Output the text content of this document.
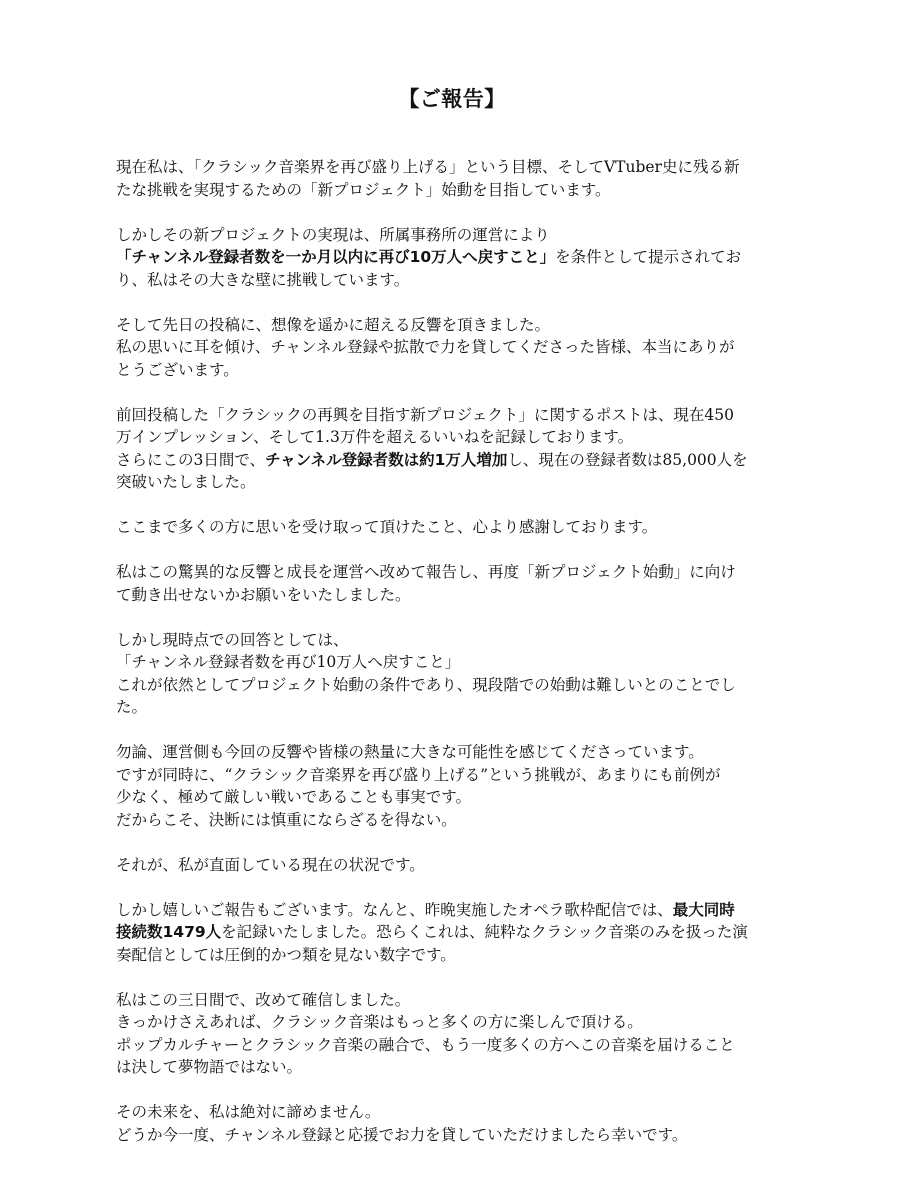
【ご報告】
現在私は、「クラシック音楽界を再び盛り上げる」という目標、そしてVTuber史に残る新
たな挑戦を実現するための「新プロジェクト」始動を目指しています。
しかしその新プロジェクトの実現は、所属事務所の運営により
「チャンネル登録者数を一か月以内に再び10万人へ戻すこと」を条件として提示されてお
り、私はその大きな壁に挑戦しています。
そして先日の投稿に、想像を遥かに超える反響を頂きました。
私の思いに耳を傾け、チャンネル登録や拡散で力を貸してくださった皆様、本当にありが
とうございます。
前回投稿した「クラシックの再興を目指す新プロジェクト」に関するポストは、現在450
万インプレッション、そして1.3万件を超えるいいねを記録しております。
さらにこの3日間で、チャンネル登録者数は約1万人増加し、現在の登録者数は85,000人を
突破いたしました。
ここまで多くの方に思いを受け取って頂けたこと、心より感謝しております。
私はこの驚異的な反響と成長を運営へ改めて報告し、再度「新プロジェクト始動」に向け
て動き出せないかお願いをいたしました。
しかし現時点での回答としては、
「チャンネル登録者数を再び10万人へ戻すこと」
これが依然としてプロジェクト始動の条件であり、現段階での始動は難しいとのことでし
た。
勿論、運営側も今回の反響や皆様の熱量に大きな可能性を感じてくださっています。
ですが同時に、“クラシック音楽界を再び盛り上げる”という挑戦が、あまりにも前例が
少なく、極めて厳しい戦いであることも事実です。
だからこそ、決断には慎重にならざるを得ない。
それが、私が直面している現在の状況です。
しかし嬉しいご報告もございます。なんと、昨晩実施したオペラ歌枠配信では、最大同時
接続数1479人を記録いたしました。恐らくこれは、純粋なクラシック音楽のみを扱った演
奏配信としては圧倒的かつ類を見ない数字です。
私はこの三日間で、改めて確信しました。
きっかけさえあれば、クラシック音楽はもっと多くの方に楽しんで頂ける。
ポップカルチャーとクラシック音楽の融合で、もう一度多くの方へこの音楽を届けること
は決して夢物語ではない。
その未来を、私は絶対に諦めません。
どうか今一度、チャンネル登録と応援でお力を貸していただけましたら幸いです。
